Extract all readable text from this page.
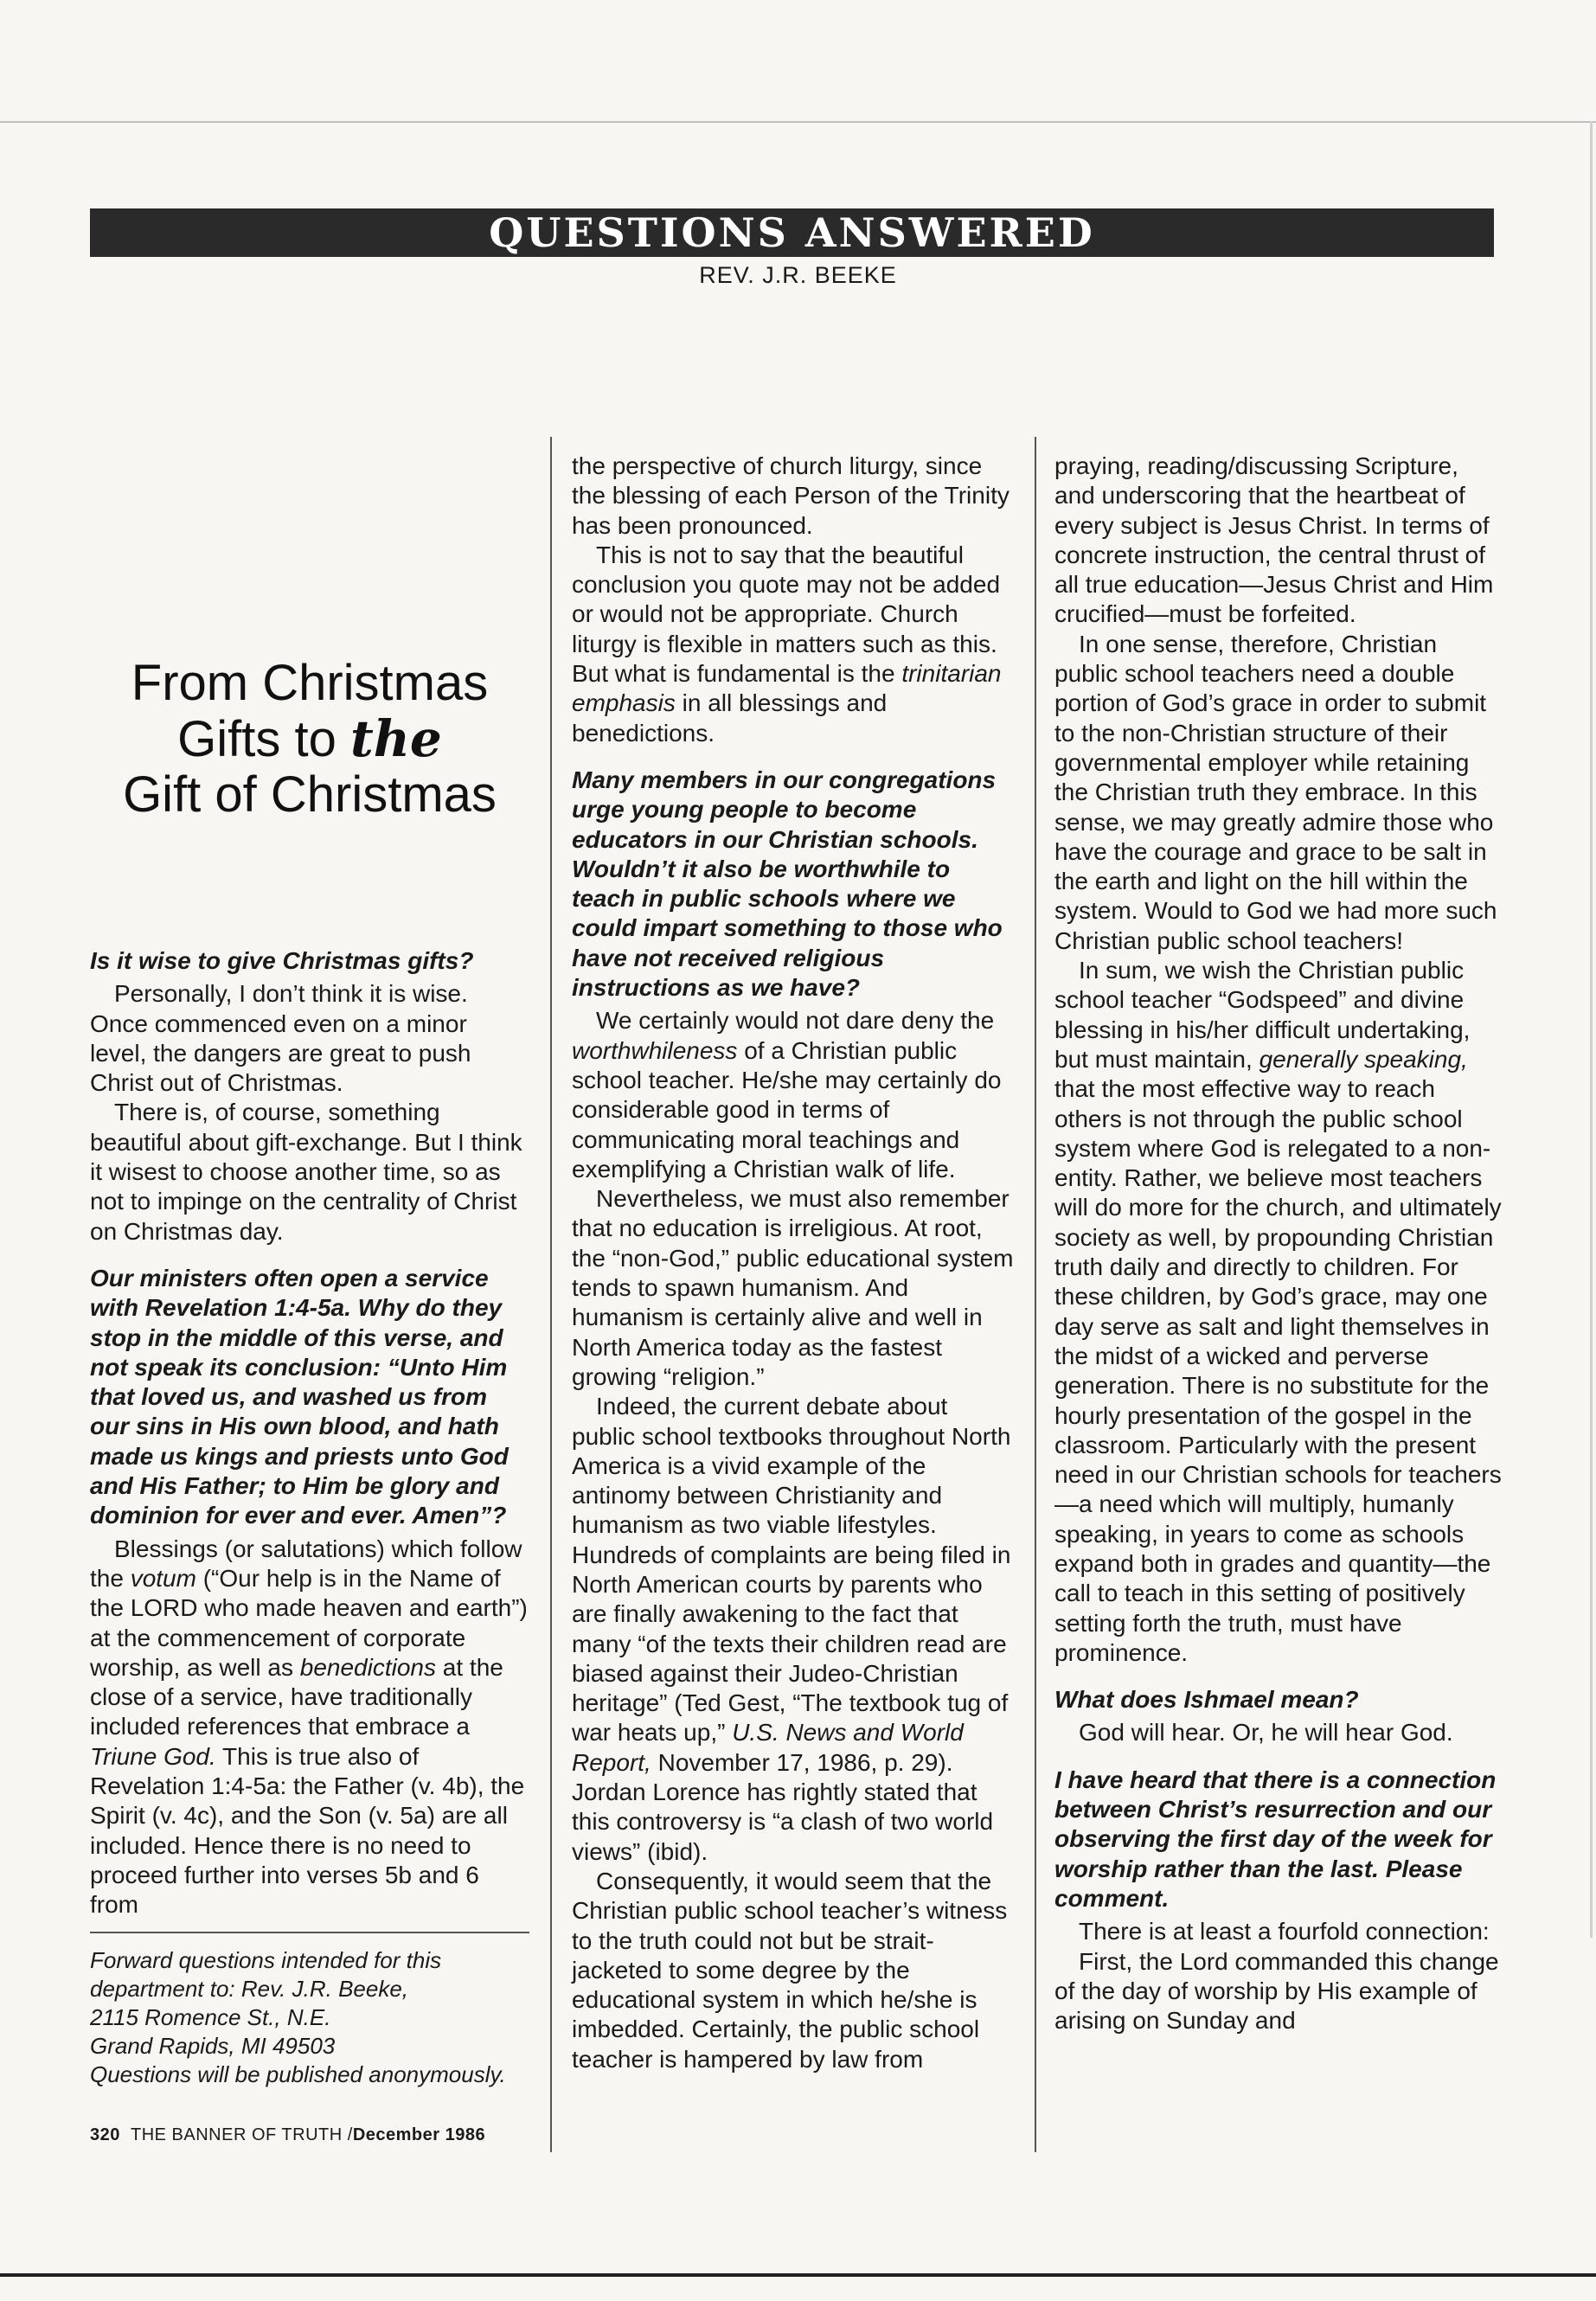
QUESTIONS ANSWERED
REV. J.R. BEEKE
From Christmas
Gifts to the
Gift of Christmas

Is it wise to give Christmas gifts?

Personally, I don’t think it is wise. Once commenced even on a minor level, the dangers are great to push Christ out of Christmas.

There is, of course, something beautiful about gift-exchange. But I think it wisest to choose another time, so as not to impinge on the centrality of Christ on Christmas day.

Our ministers often open a service with Revelation 1:4-5a. Why do they stop in the middle of this verse, and not speak its conclusion: “Unto Him that loved us, and washed us from our sins in His own blood, and hath made us kings and priests unto God and His Father; to Him be glory and dominion for ever and ever. Amen”?

Blessings (or salutations) which follow the votum (“Our help is in the Name of the LORD who made heaven and earth”) at the commencement of corporate worship, as well as benedictions at the close of a service, have traditionally included references that embrace a Triune God. This is true also of Revelation 1:4-5a: the Father (v. 4b), the Spirit (v. 4c), and the Son (v. 5a) are all included. Hence there is no need to proceed further into verses 5b and 6 from

Forward questions intended for this
department to: Rev. J.R. Beeke,
2115 Romence St., N.E.
Grand Rapids, MI 49503
Questions will be published anonymously.
320 THE BANNER OF TRUTH /December 1986

the perspective of church liturgy, since the blessing of each Person of the Trinity has been pronounced.

This is not to say that the beautiful conclusion you quote may not be added or would not be appropriate. Church liturgy is flexible in matters such as this. But what is fundamental is the trinitarian emphasis in all blessings and benedictions.

Many members in our congregations urge young people to become educators in our Christian schools. Wouldn’t it also be worthwhile to teach in public schools where we could impart something to those who have not received religious instructions as we have?

We certainly would not dare deny the worthwhileness of a Christian public school teacher. He/she may certainly do considerable good in terms of communicating moral teachings and exemplifying a Christian walk of life.

Nevertheless, we must also remember that no education is irreligious. At root, the “non-God,” public educational system tends to spawn humanism. And humanism is certainly alive and well in North America today as the fastest growing “religion.”

Indeed, the current debate about public school textbooks throughout North America is a vivid example of the antinomy between Christianity and humanism as two viable lifestyles. Hundreds of complaints are being filed in North American courts by parents who are finally awakening to the fact that many “of the texts their children read are biased against their Judeo-Christian heritage” (Ted Gest, “The textbook tug of war heats up,” U.S. News and World Report, November 17, 1986, p. 29). Jordan Lorence has rightly stated that this controversy is “a clash of two world views” (ibid).

Consequently, it would seem that the Christian public school teacher’s witness to the truth could not but be strait-jacketed to some degree by the educational system in which he/she is imbedded. Certainly, the public school teacher is hampered by law from

praying, reading/discussing Scripture, and underscoring that the heartbeat of every subject is Jesus Christ. In terms of concrete instruction, the central thrust of all true education—Jesus Christ and Him crucified—must be forfeited.

In one sense, therefore, Christian public school teachers need a double portion of God’s grace in order to submit to the non-Christian structure of their governmental employer while retaining the Christian truth they embrace. In this sense, we may greatly admire those who have the courage and grace to be salt in the earth and light on the hill within the system. Would to God we had more such Christian public school teachers!

In sum, we wish the Christian public school teacher “Godspeed” and divine blessing in his/her difficult undertaking, but must maintain, generally speaking, that the most effective way to reach others is not through the public school system where God is relegated to a non-entity. Rather, we believe most teachers will do more for the church, and ultimately society as well, by propounding Christian truth daily and directly to children. For these children, by God’s grace, may one day serve as salt and light themselves in the midst of a wicked and perverse generation. There is no substitute for the hourly presentation of the gospel in the classroom. Particularly with the present need in our Christian schools for teachers—a need which will multiply, humanly speaking, in years to come as schools expand both in grades and quantity—the call to teach in this setting of positively setting forth the truth, must have prominence.

What does Ishmael mean?

God will hear. Or, he will hear God.

I have heard that there is a connection between Christ’s resurrection and our observing the first day of the week for worship rather than the last. Please comment.

There is at least a fourfold connection:

First, the Lord commanded this change of the day of worship by His example of arising on Sunday and
